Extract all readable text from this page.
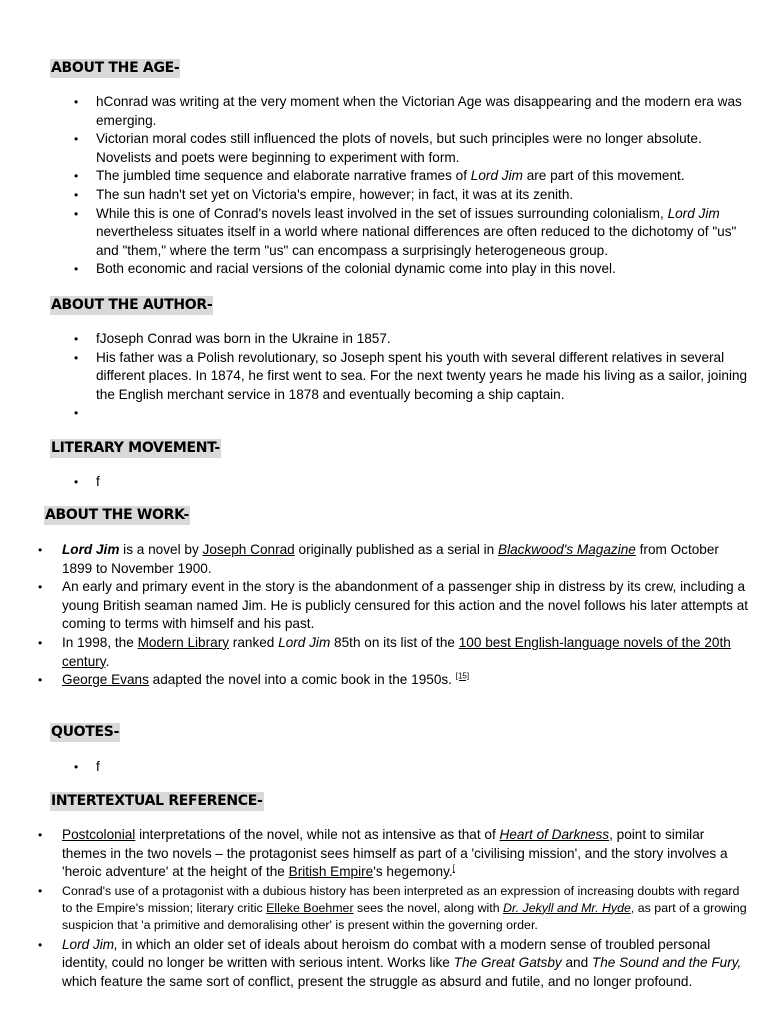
ABOUT THE AGE-
• hConrad was writing at the very moment when the Victorian Age was disappearing and the modern era was emerging.
• Victorian moral codes still influenced the plots of novels, but such principles were no longer absolute. Novelists and poets were beginning to experiment with form.
• The jumbled time sequence and elaborate narrative frames of Lord Jim are part of this movement.
• The sun hadn't set yet on Victoria's empire, however; in fact, it was at its zenith.
• While this is one of Conrad's novels least involved in the set of issues surrounding colonialism, Lord Jim nevertheless situates itself in a world where national differences are often reduced to the dichotomy of "us" and "them," where the term "us" can encompass a surprisingly heterogeneous group.
• Both economic and racial versions of the colonial dynamic come into play in this novel.
ABOUT THE AUTHOR-
• fJoseph Conrad was born in the Ukraine in 1857.
• His father was a Polish revolutionary, so Joseph spent his youth with several different relatives in several different places. In 1874, he first went to sea. For the next twenty years he made his living as a sailor, joining the English merchant service in 1878 and eventually becoming a ship captain.
•
LITERARY MOVEMENT-
• f
ABOUT THE WORK-
• Lord Jim is a novel by Joseph Conrad originally published as a serial in Blackwood's Magazine from October 1899 to November 1900.
• An early and primary event in the story is the abandonment of a passenger ship in distress by its crew, including a young British seaman named Jim. He is publicly censured for this action and the novel follows his later attempts at coming to terms with himself and his past.
• In 1998, the Modern Library ranked Lord Jim 85th on its list of the 100 best English-language novels of the 20th century.
• George Evans adapted the novel into a comic book in the 1950s. [15]
QUOTES-
• f
INTERTEXTUAL REFERENCE-
• Postcolonial interpretations of the novel, while not as intensive as that of Heart of Darkness, point to similar themes in the two novels – the protagonist sees himself as part of a 'civilising mission', and the story involves a 'heroic adventure' at the height of the British Empire's hegemony.[
• Conrad's use of a protagonist with a dubious history has been interpreted as an expression of increasing doubts with regard to the Empire's mission; literary critic Elleke Boehmer sees the novel, along with Dr. Jekyll and Mr. Hyde, as part of a growing suspicion that 'a primitive and demoralising other' is present within the governing order.
• Lord Jim, in which an older set of ideals about heroism do combat with a modern sense of troubled personal identity, could no longer be written with serious intent. Works like The Great Gatsby and The Sound and the Fury, which feature the same sort of conflict, present the struggle as absurd and futile, and no longer profound.
